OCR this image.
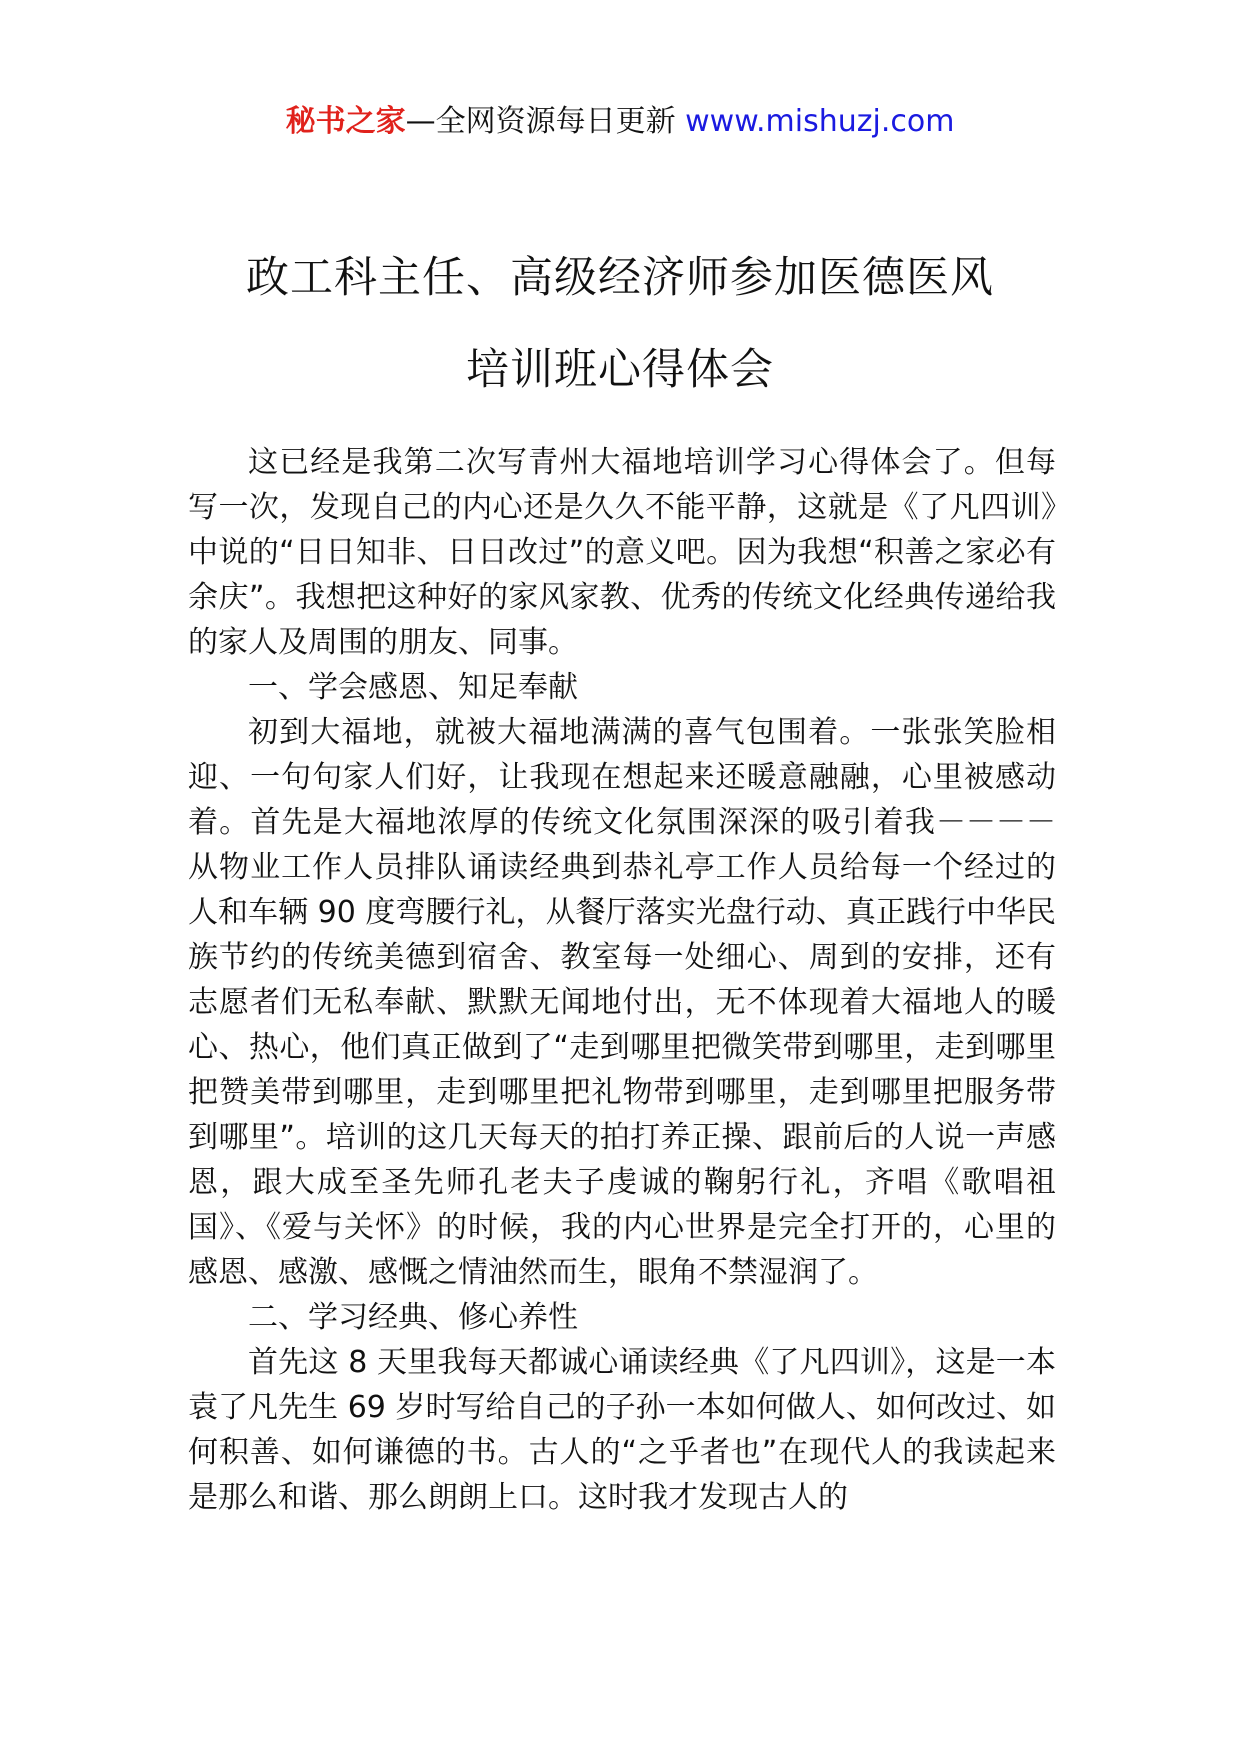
秘书之家—全网资源每日更新 www.mishuzj.com
政工科主任、高级经济师参加医德医风
培训班心得体会

这已经是我第二次写青州大福地培训学习心得体会了。但每写一次，发现自己的内心还是久久不能平静，这就是《了凡四训》中说的“日日知非、日日改过”的意义吧。因为我想“积善之家必有余庆”。我想把这种好的家风家教、优秀的传统文化经典传递给我的家人及周围的朋友、同事。

一、学会感恩、知足奉献

初到大福地，就被大福地满满的喜气包围着。一张张笑脸相迎、一句句家人们好，让我现在想起来还暖意融融，心里被感动着。首先是大福地浓厚的传统文化氛围深深的吸引着我－－－－从物业工作人员排队诵读经典到恭礼亭工作人员给每一个经过的人和车辆 90 度弯腰行礼，从餐厅落实光盘行动、真正践行中华民族节约的传统美德到宿舍、教室每一处细心、周到的安排，还有志愿者们无私奉献、默默无闻地付出，无不体现着大福地人的暖心、热心，他们真正做到了“走到哪里把微笑带到哪里，走到哪里把赞美带到哪里，走到哪里把礼物带到哪里，走到哪里把服务带到哪里”。培训的这几天每天的拍打养正操、跟前后的人说一声感恩，跟大成至圣先师孔老夫子虔诚的鞠躬行礼，齐唱《歌唱祖国》、《爱与关怀》的时候，我的内心世界是完全打开的，心里的感恩、感激、感慨之情油然而生，眼角不禁湿润了。

二、学习经典、修心养性

首先这 8 天里我每天都诚心诵读经典《了凡四训》，这是一本袁了凡先生 69 岁时写给自己的子孙一本如何做人、如何改过、如何积善、如何谦德的书。古人的“之乎者也”在现代人的我读起来是那么和谐、那么朗朗上口。这时我才发现古人的
